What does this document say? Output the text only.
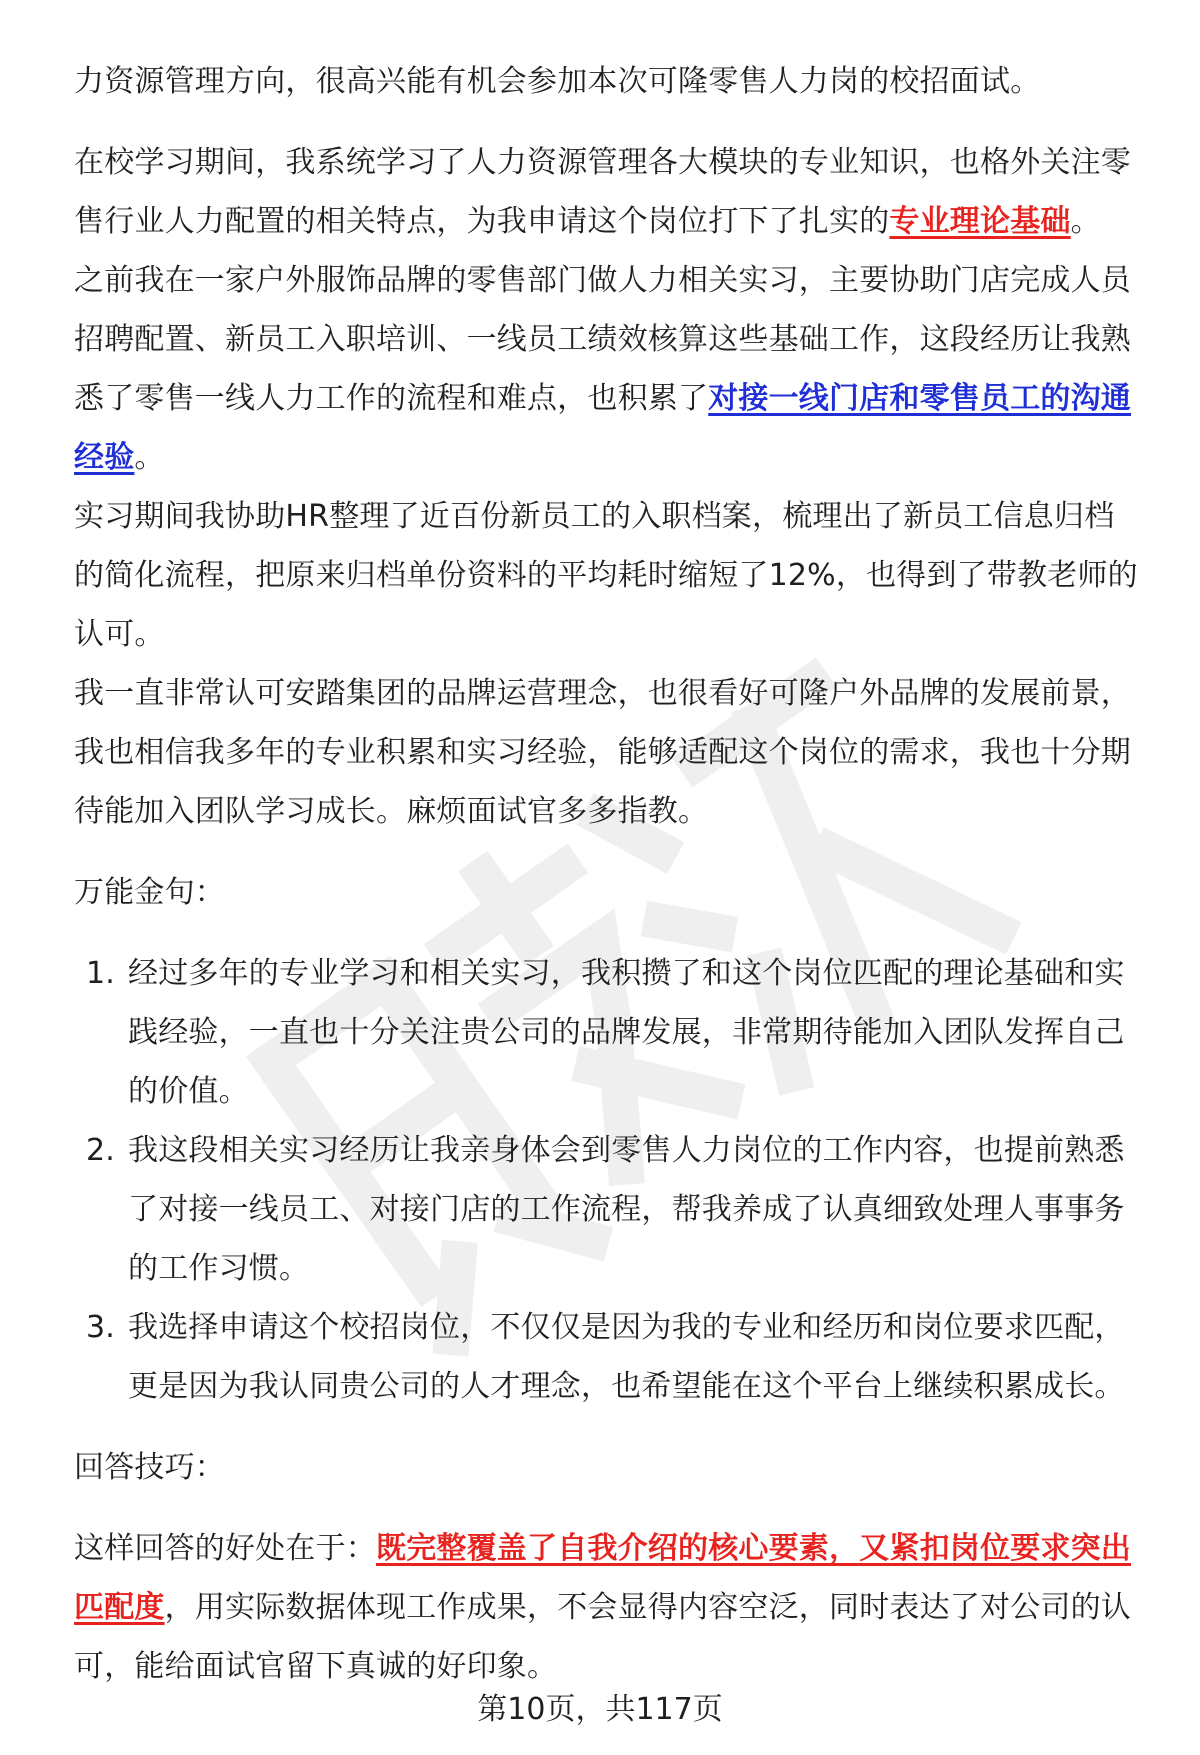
力资源管理方向，很高兴能有机会参加本次可隆零售人力岗的校招面试。

在校学习期间，我系统学习了人力资源管理各大模块的专业知识，也格外关注零售行业人力配置的相关特点，为我申请这个岗位打下了扎实的专业理论基础。

之前我在一家户外服饰品牌的零售部门做人力相关实习，主要协助门店完成人员招聘配置、新员工入职培训、一线员工绩效核算这些基础工作，这段经历让我熟悉了零售一线人力工作的流程和难点，也积累了对接一线门店和零售员工的沟通经验。

实习期间我协助HR整理了近百份新员工的入职档案，梳理出了新员工信息归档的简化流程，把原来归档单份资料的平均耗时缩短了12%，也得到了带教老师的认可。

我一直非常认可安踏集团的品牌运营理念，也很看好可隆户外品牌的发展前景，我也相信我多年的专业积累和实习经验，能够适配这个岗位的需求，我也十分期待能加入团队学习成长。麻烦面试官多多指教。

万能金句：

1. 经过多年的专业学习和相关实习，我积攒了和这个岗位匹配的理论基础和实践经验，一直也十分关注贵公司的品牌发展，非常期待能加入团队发挥自己的价值。
2. 我这段相关实习经历让我亲身体会到零售人力岗位的工作内容，也提前熟悉了对接一线员工、对接门店的工作流程，帮我养成了认真细致处理人事事务的工作习惯。
3. 我选择申请这个校招岗位，不仅仅是因为我的专业和经历和岗位要求匹配，更是因为我认同贵公司的人才理念，也希望能在这个平台上继续积累成长。

回答技巧：

这样回答的好处在于：既完整覆盖了自我介绍的核心要素，又紧扣岗位要求突出匹配度，用实际数据体现工作成果，不会显得内容空泛，同时表达了对公司的认可，能给面试官留下真诚的好印象。

第10页，共117页
